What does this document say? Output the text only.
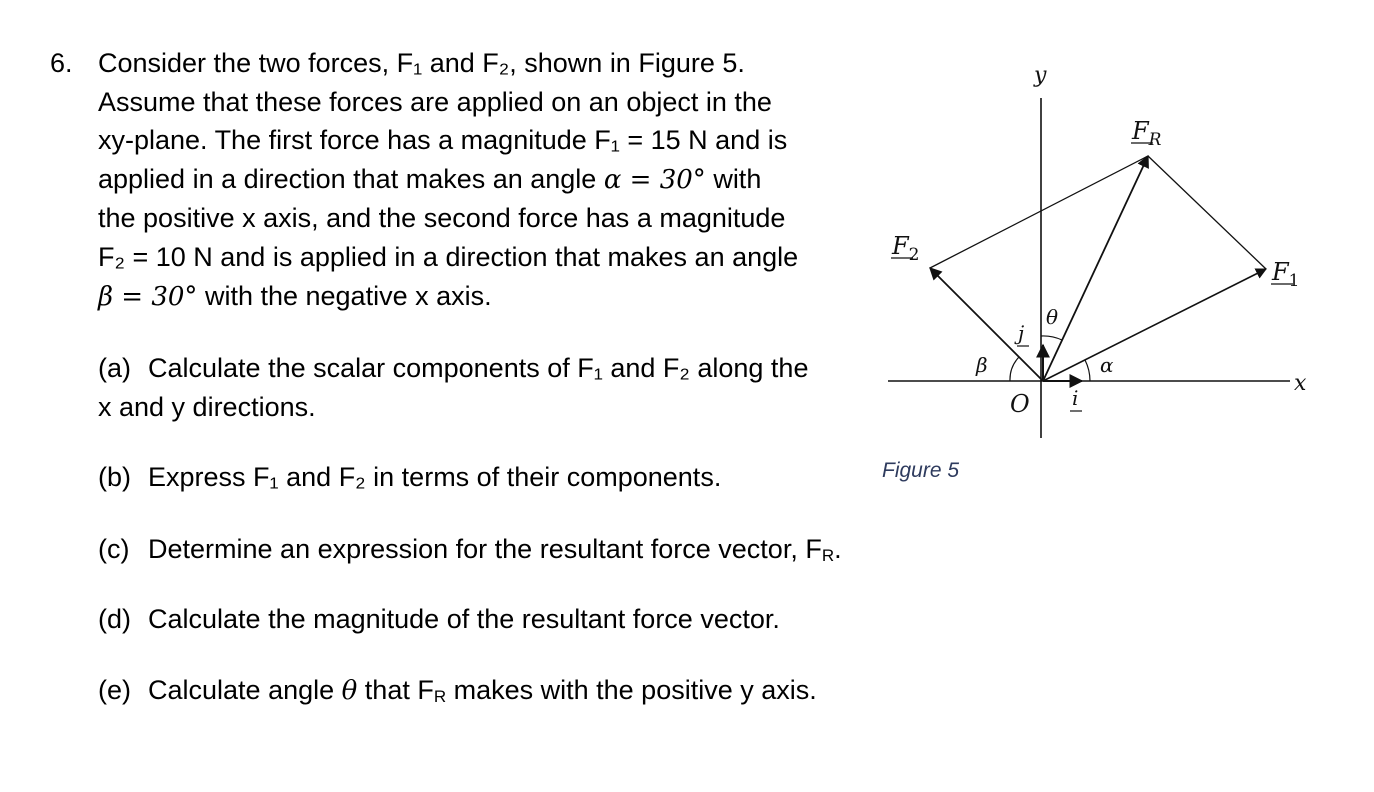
6. Consider the two forces, F₁ and F₂, shown in Figure 5.
Assume that these forces are applied on an object in the
xy-plane. The first force has a magnitude F₁ = 15 N and is
applied in a direction that makes an angle α = 30° with
the positive x axis, and the second force has a magnitude
F₂ = 10 N and is applied in a direction that makes an angle
β = 30° with the negative x axis.
(a) Calculate the scalar components of F₁ and F₂ along the
x and y directions.
(b) Express F₁ and F₂ in terms of their components.
(c) Determine an expression for the resultant force vector, FR.
(d) Calculate the magnitude of the resultant force vector.
(e) Calculate angle θ that FR makes with the positive y axis.
y
x
O
$F_R$
$F_1$
$F_2$
α
β
θ
j
i
Figure 5
